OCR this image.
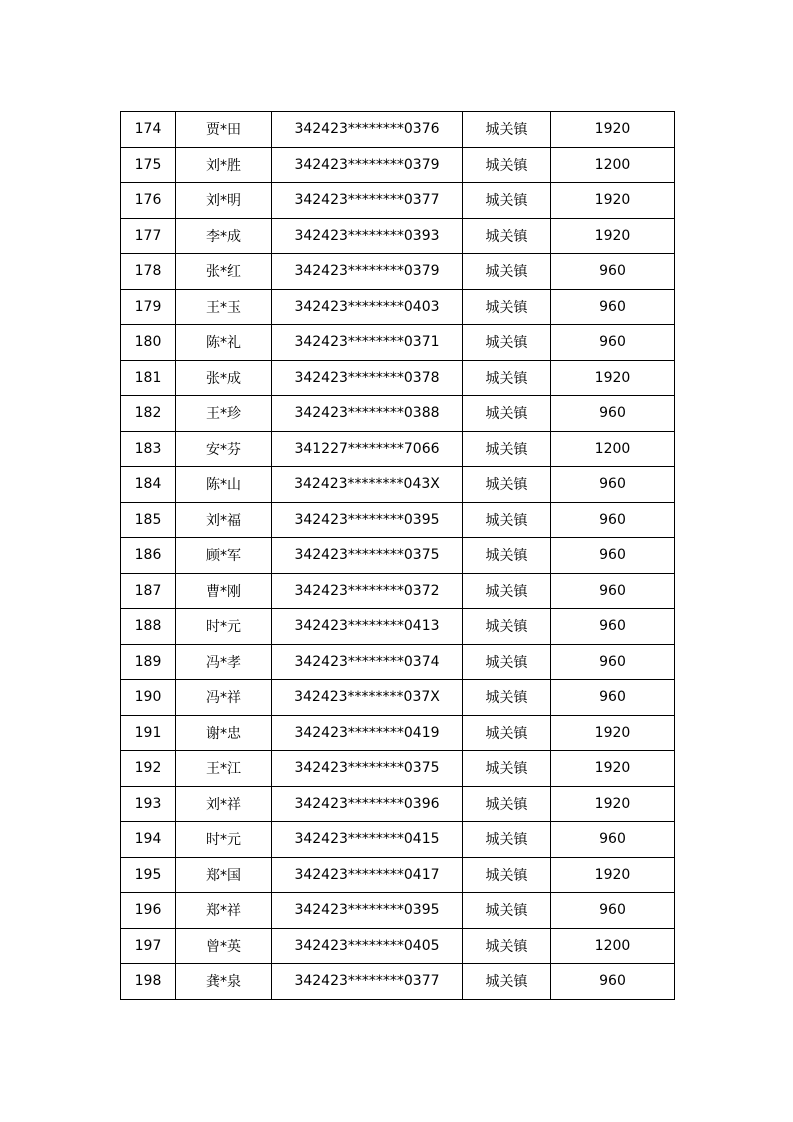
174	贾*田	342423********0376	城关镇	1920
175	刘*胜	342423********0379	城关镇	1200
176	刘*明	342423********0377	城关镇	1920
177	李*成	342423********0393	城关镇	1920
178	张*红	342423********0379	城关镇	960
179	王*玉	342423********0403	城关镇	960
180	陈*礼	342423********0371	城关镇	960
181	张*成	342423********0378	城关镇	1920
182	王*珍	342423********0388	城关镇	960
183	安*芬	341227********7066	城关镇	1200
184	陈*山	342423********043X	城关镇	960
185	刘*福	342423********0395	城关镇	960
186	顾*军	342423********0375	城关镇	960
187	曹*刚	342423********0372	城关镇	960
188	时*元	342423********0413	城关镇	960
189	冯*孝	342423********0374	城关镇	960
190	冯*祥	342423********037X	城关镇	960
191	谢*忠	342423********0419	城关镇	1920
192	王*江	342423********0375	城关镇	1920
193	刘*祥	342423********0396	城关镇	1920
194	时*元	342423********0415	城关镇	960
195	郑*国	342423********0417	城关镇	1920
196	郑*祥	342423********0395	城关镇	960
197	曾*英	342423********0405	城关镇	1200
198	龚*泉	342423********0377	城关镇	960
